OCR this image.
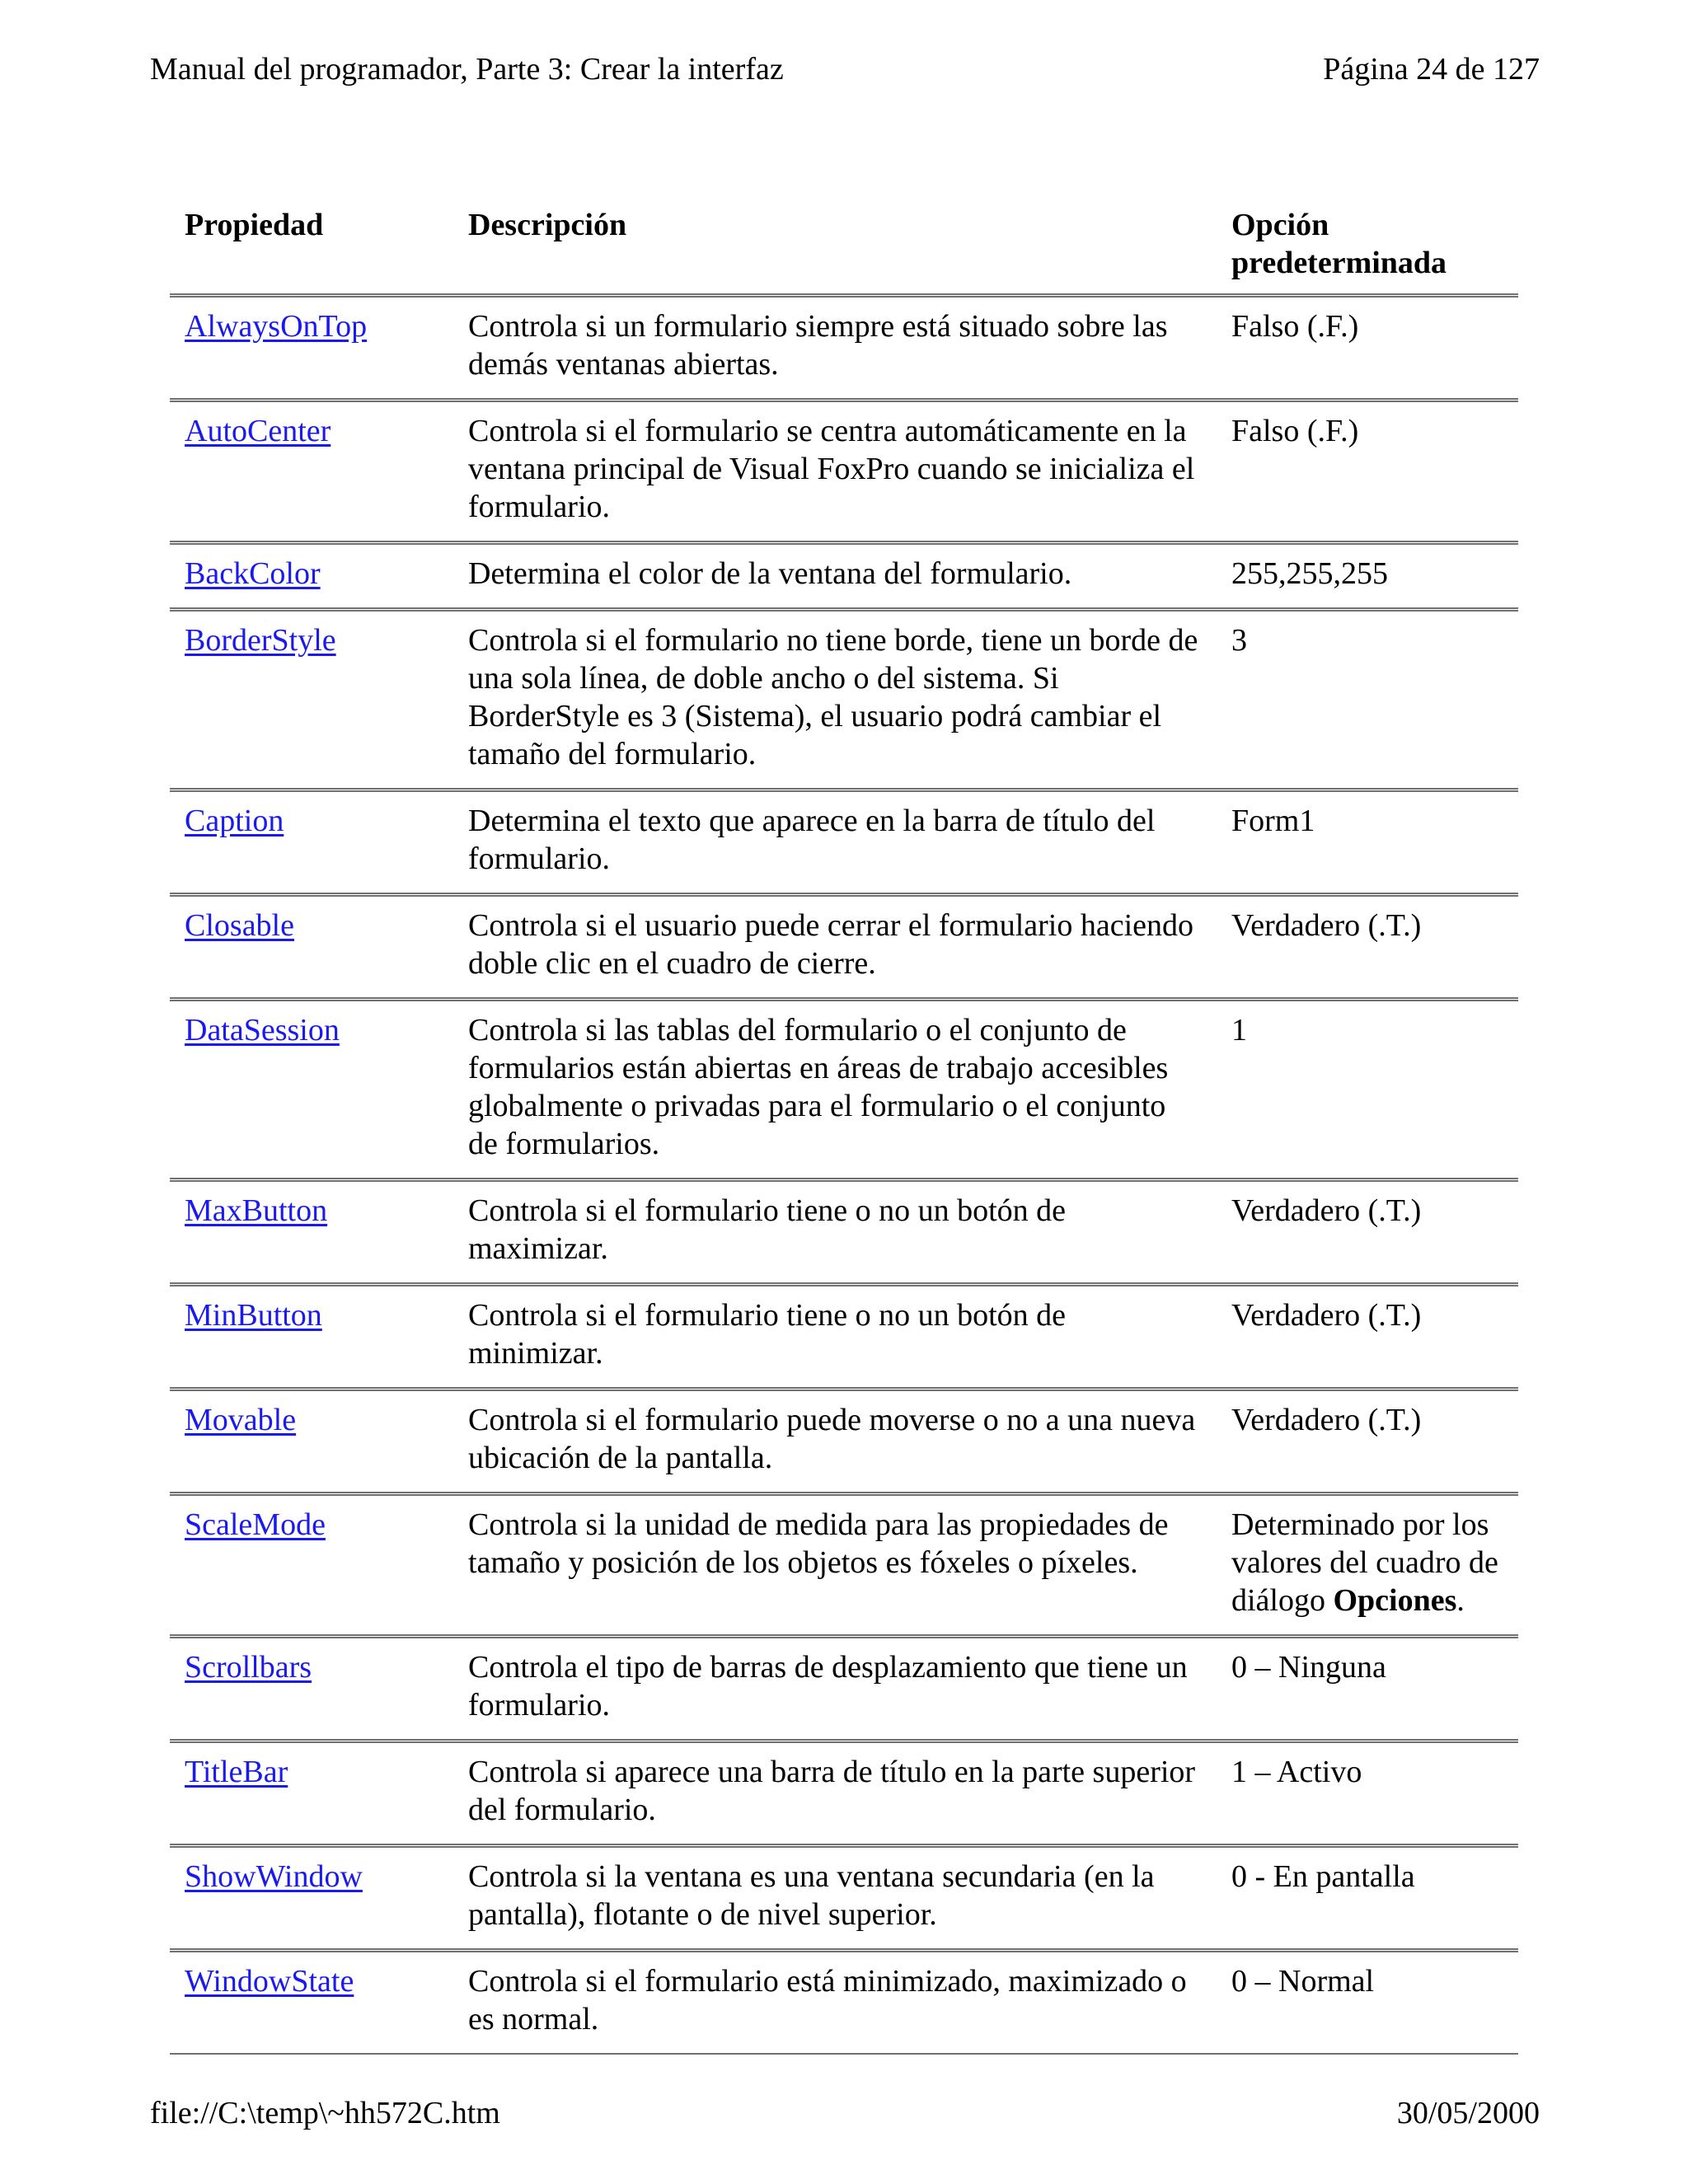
Manual del programador, Parte 3: Crear la interfaz	Página 24 de 127
Propiedad	Descripción	Opción predeterminada
AlwaysOnTop	Controla si un formulario siempre está situado sobre las demás ventanas abiertas.	Falso (.F.)
AutoCenter	Controla si el formulario se centra automáticamente en la ventana principal de Visual FoxPro cuando se inicializa el formulario.	Falso (.F.)
BackColor	Determina el color de la ventana del formulario.	255,255,255
BorderStyle	Controla si el formulario no tiene borde, tiene un borde de una sola línea, de doble ancho o del sistema. Si BorderStyle es 3 (Sistema), el usuario podrá cambiar el tamaño del formulario.	3
Caption	Determina el texto que aparece en la barra de título del formulario.	Form1
Closable	Controla si el usuario puede cerrar el formulario haciendo doble clic en el cuadro de cierre.	Verdadero (.T.)
DataSession	Controla si las tablas del formulario o el conjunto de formularios están abiertas en áreas de trabajo accesibles globalmente o privadas para el formulario o el conjunto de formularios.	1
MaxButton	Controla si el formulario tiene o no un botón de maximizar.	Verdadero (.T.)
MinButton	Controla si el formulario tiene o no un botón de minimizar.	Verdadero (.T.)
Movable	Controla si el formulario puede moverse o no a una nueva ubicación de la pantalla.	Verdadero (.T.)
ScaleMode	Controla si la unidad de medida para las propiedades de tamaño y posición de los objetos es fóxeles o píxeles.	Determinado por los valores del cuadro de diálogo Opciones.
Scrollbars	Controla el tipo de barras de desplazamiento que tiene un formulario.	0 – Ninguna
TitleBar	Controla si aparece una barra de título en la parte superior del formulario.	1 – Activo
ShowWindow	Controla si la ventana es una ventana secundaria (en la pantalla), flotante o de nivel superior.	0 - En pantalla
WindowState	Controla si el formulario está minimizado, maximizado o es normal.	0 – Normal
file://C:\temp\~hh572C.htm	30/05/2000
